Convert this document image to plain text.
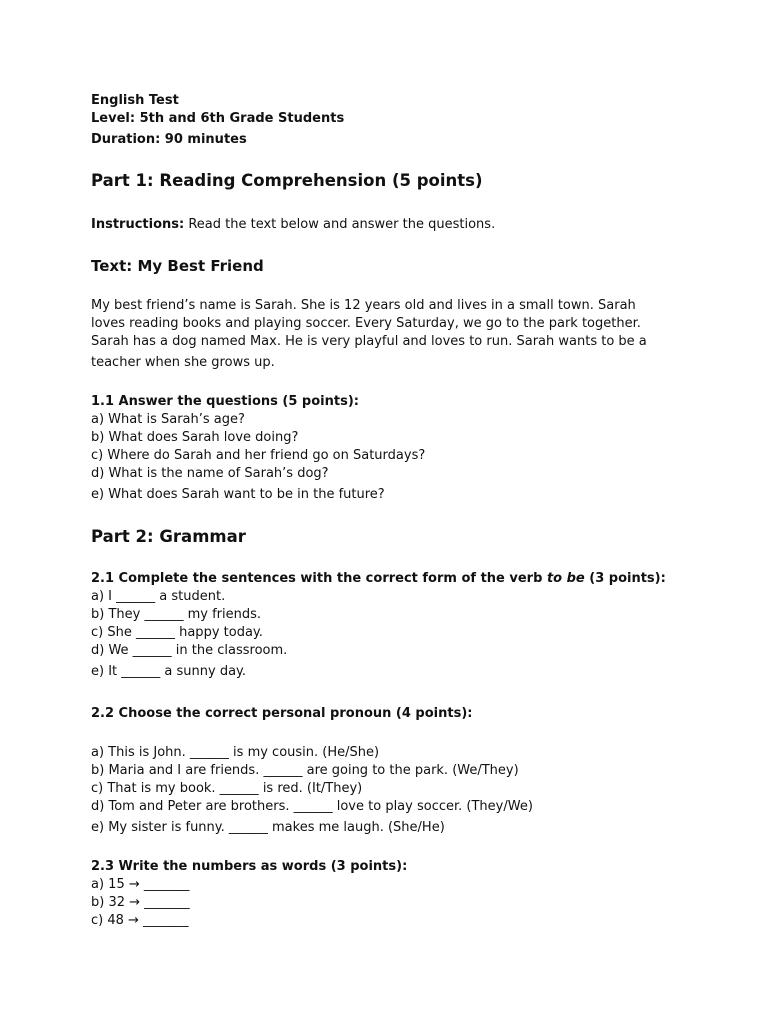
English Test

Level: 5th and 6th Grade Students

Duration: 90 minutes

Part 1: Reading Comprehension (5 points)

Instructions: Read the text below and answer the questions.

Text: My Best Friend

My best friend’s name is Sarah. She is 12 years old and lives in a small town. Sarah

loves reading books and playing soccer. Every Saturday, we go to the park together.

Sarah has a dog named Max. He is very playful and loves to run. Sarah wants to be a

teacher when she grows up.

1.1 Answer the questions (5 points):

a) What is Sarah’s age?

b) What does Sarah love doing?

c) Where do Sarah and her friend go on Saturdays?

d) What is the name of Sarah’s dog?

e) What does Sarah want to be in the future?

Part 2: Grammar

2.1 Complete the sentences with the correct form of the verb to be (3 points):

a) I ______ a student.

b) They ______ my friends.

c) She ______ happy today.

d) We ______ in the classroom.

e) It ______ a sunny day.

2.2 Choose the correct personal pronoun (4 points):

a) This is John. ______ is my cousin. (He/She)

b) Maria and I are friends. ______ are going to the park. (We/They)

c) That is my book. ______ is red. (It/They)

d) Tom and Peter are brothers. ______ love to play soccer. (They/We)

e) My sister is funny. ______ makes me laugh. (She/He)

2.3 Write the numbers as words (3 points):

a) 15 → _______

b) 32 → _______

c) 48 → _______
